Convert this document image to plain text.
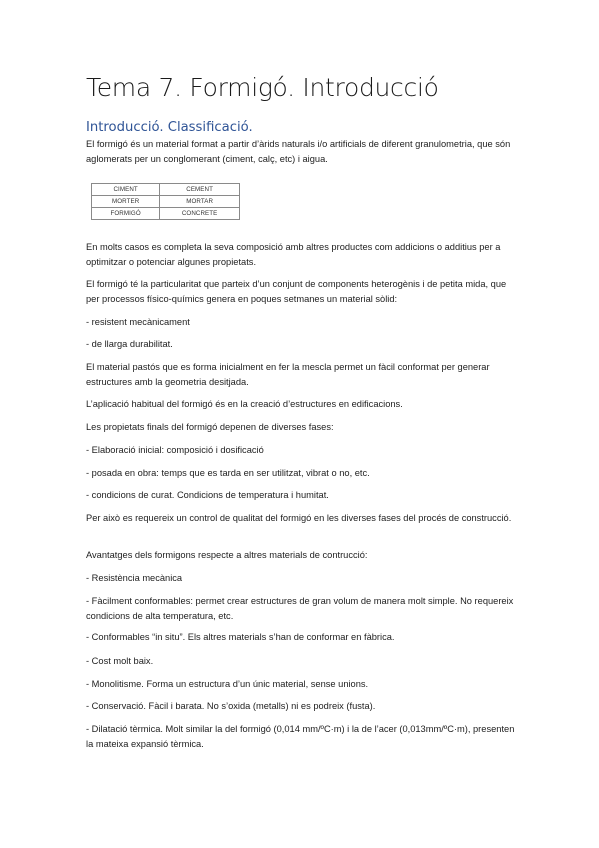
Tema 7. Formigó. Introducció
Introducció. Classificació.

El formigó és un material format a partir d’àrids naturals i/o artificials de diferent granulometria, que són aglomerats per un conglomerant (ciment, calç, etc) i aigua.

CIMENT	CEMENT
MORTER	MORTAR
FORMIGÓ	CONCRETE

En molts casos es completa la seva composició amb altres productes com addicions o additius per a optimitzar o potenciar algunes propietats.

El formigó té la particularitat que parteix d’un conjunt de components heterogènis i de petita mida, que per processos físico-químics genera en poques setmanes un material sòlid:

- resistent mecànicament

- de llarga durabilitat.

El material pastós que es forma inicialment en fer la mescla permet un fàcil conformat per generar estructures amb la geometria desitjada.

L’aplicació habitual del formigó és en la creació d’estructures en edificacions.

Les propietats finals del formigó depenen de diverses fases:

- Elaboració inicial: composició i dosificació

- posada en obra: temps que es tarda en ser utilitzat, vibrat o no, etc.

- condicions de curat. Condicions de temperatura i humitat.

Per això es requereix un control de qualitat del formigó en les diverses fases del procés de construcció.

Avantatges dels formigons respecte a altres materials de contrucció:

- Resistència mecànica

- Fàcilment conformables: permet crear estructures de gran volum de manera molt simple. No requereix condicions de alta temperatura, etc.

- Conformables “in situ”. Els altres materials s’han de conformar en fàbrica.

- Cost molt baix.

- Monolitisme. Forma un estructura d’un únic material, sense unions.

- Conservació. Fàcil i barata. No s’oxida (metalls) ni es podreix (fusta).

- Dilatació tèrmica. Molt similar la del formigó (0,014 mm/ºC·m) i la de l’acer (0,013mm/ºC·m), presenten la mateixa expansió tèrmica.
